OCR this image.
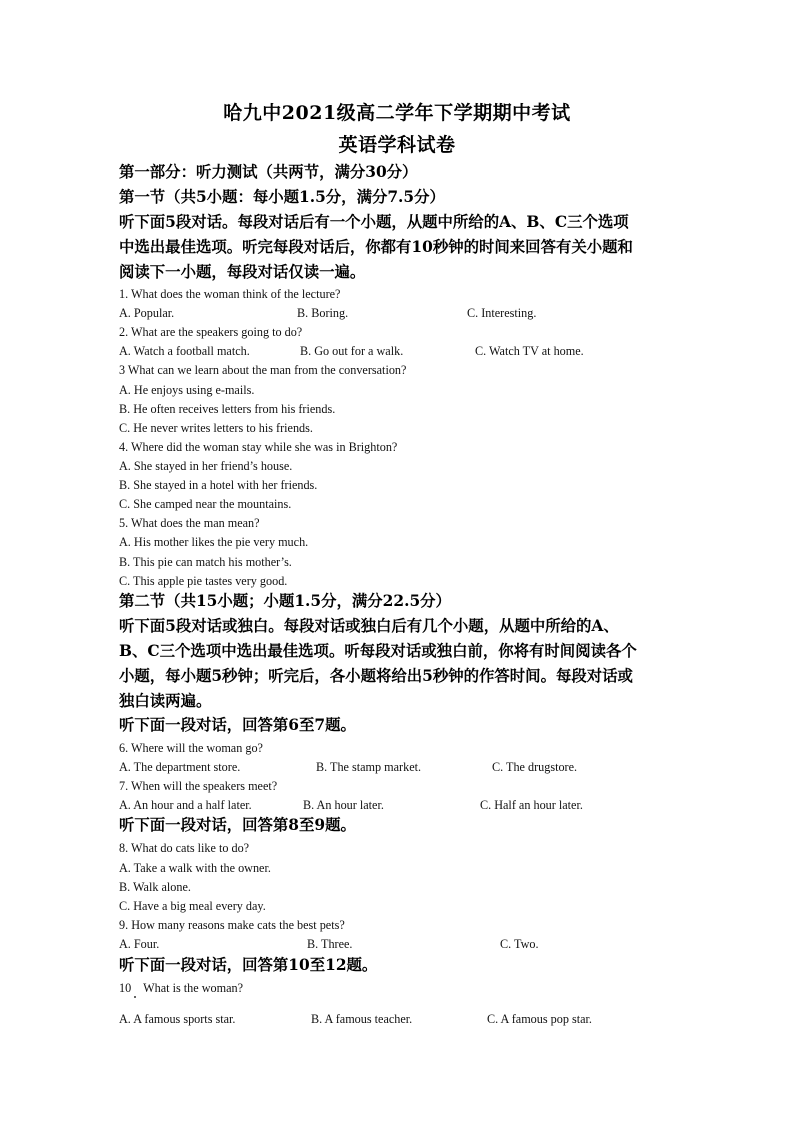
哈九中2021级高二学年下学期期中考试
英语学科试卷
第一部分：听力测试（共两节，满分30分）
第一节（共5小题：每小题1.5分，满分7.5分）
听下面5段对话。每段对话后有一个小题，从题中所给的A、B、C三个选项
中选出最佳选项。听完每段对话后，你都有10秒钟的时间来回答有关小题和
阅读下一小题，每段对话仅读一遍。
1. What does the woman think of the lecture?
A. Popular.	B. Boring.	C. Interesting.
2. What are the speakers going to do?
A. Watch a football match.	B. Go out for a walk.	C. Watch TV at home.
3 What can we learn about the man from the conversation?
A. He enjoys using e-mails.
B. He often receives letters from his friends.
C. He never writes letters to his friends.
4. Where did the woman stay while she was in Brighton?
A. She stayed in her friend’s house.
B. She stayed in a hotel with her friends.
C. She camped near the mountains.
5. What does the man mean?
A. His mother likes the pie very much.
B. This pie can match his mother’s.
C. This apple pie tastes very good.
第二节（共15小题；小题1.5分，满分22.5分）
听下面5段对话或独白。每段对话或独白后有几个小题，从题中所给的A、
B、C三个选项中选出最佳选项。听每段对话或独白前，你将有时间阅读各个
小题，每小题5秒钟；听完后，各小题将给出5秒钟的作答时间。每段对话或
独白读两遍。
听下面一段对话，回答第6至7题。
6. Where will the woman go?
A. The department store.	B. The stamp market.	C. The drugstore.
7. When will the speakers meet?
A. An hour and a half later.	B. An hour later.	C. Half an hour later.
听下面一段对话，回答第8至9题。
8. What do cats like to do?
A. Take a walk with the owner.
B. Walk alone.
C. Have a big meal every day.
9. How many reasons make cats the best pets?
A. Four.	B. Three.	C. Two.
听下面一段对话，回答第10至12题。
10    What is the woman?
A. A famous sports star.	B. A famous teacher.	C. A famous pop star.
